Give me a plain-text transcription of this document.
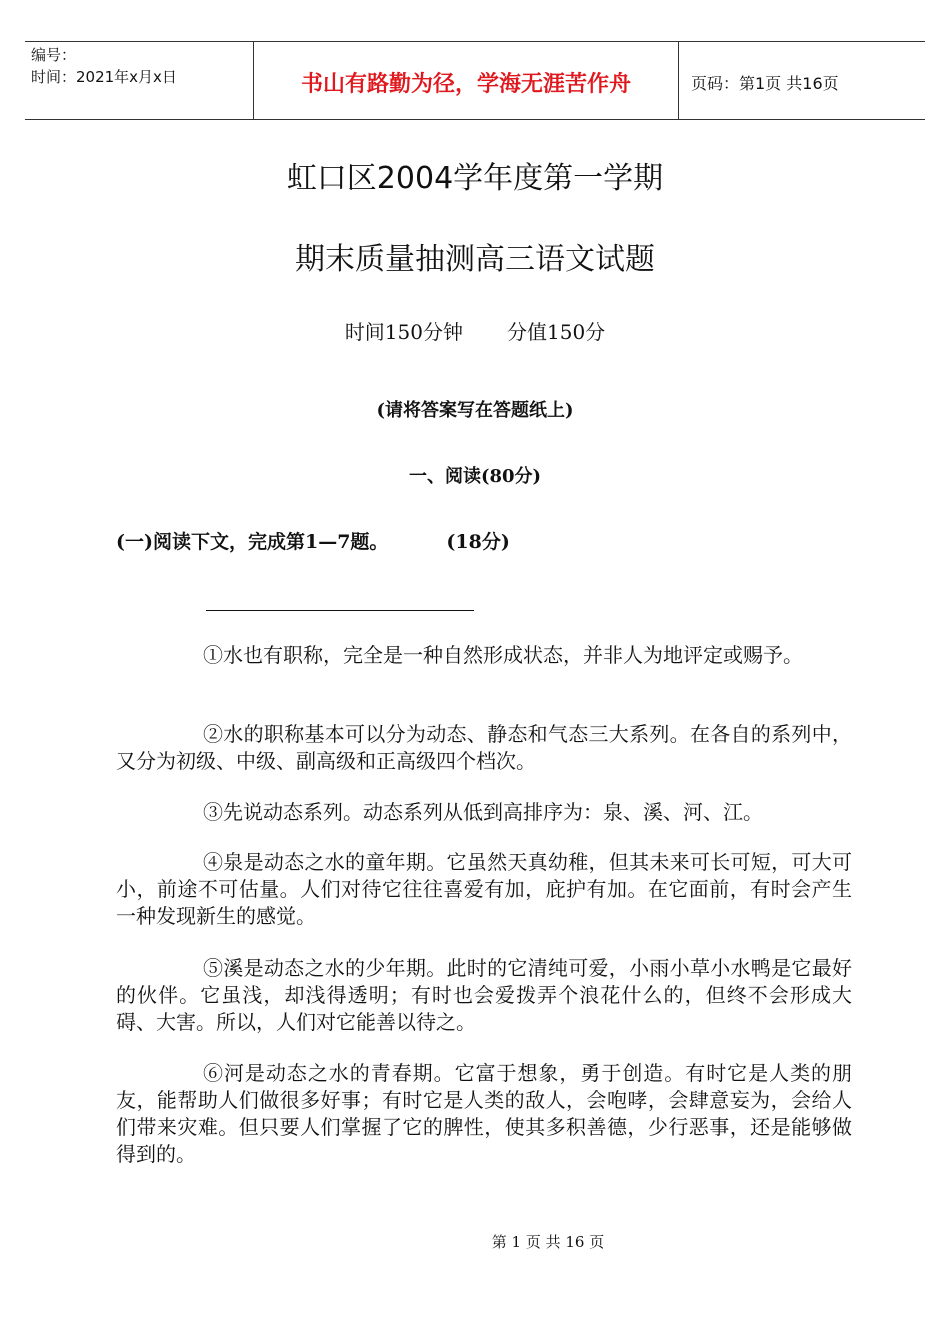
编号：
时间：2021年x月x日	书山有路勤为径，学海无涯苦作舟	页码：第1页 共16页
虹口区2004学年度第一学期
期末质量抽测高三语文试题
时间150分钟 分值150分
(请将答案写在答题纸上)
一、阅读(80分)
(一)阅读下文，完成第1—7题。	(18分)
①水也有职称，完全是一种自然形成状态，并非人为地评定或赐予。
②水的职称基本可以分为动态、静态和气态三大系列。在各自的系列中，又分为初级、中级、副高级和正高级四个档次。
③先说动态系列。动态系列从低到高排序为：泉、溪、河、江。
④泉是动态之水的童年期。它虽然天真幼稚，但其未来可长可短，可大可小，前途不可估量。人们对待它往往喜爱有加，庇护有加。在它面前，有时会产生一种发现新生的感觉。
⑤溪是动态之水的少年期。此时的它清纯可爱，小雨小草小水鸭是它最好的伙伴。它虽浅，却浅得透明；有时也会爱拨弄个浪花什么的，但终不会形成大碍、大害。所以，人们对它能善以待之。
⑥河是动态之水的青春期。它富于想象，勇于创造。有时它是人类的朋友，能帮助人们做很多好事；有时它是人类的敌人，会咆哮，会肆意妄为，会给人们带来灾难。但只要人们掌握了它的脾性，使其多积善德，少行恶事，还是能够做得到的。
第 1 页 共 16 页
